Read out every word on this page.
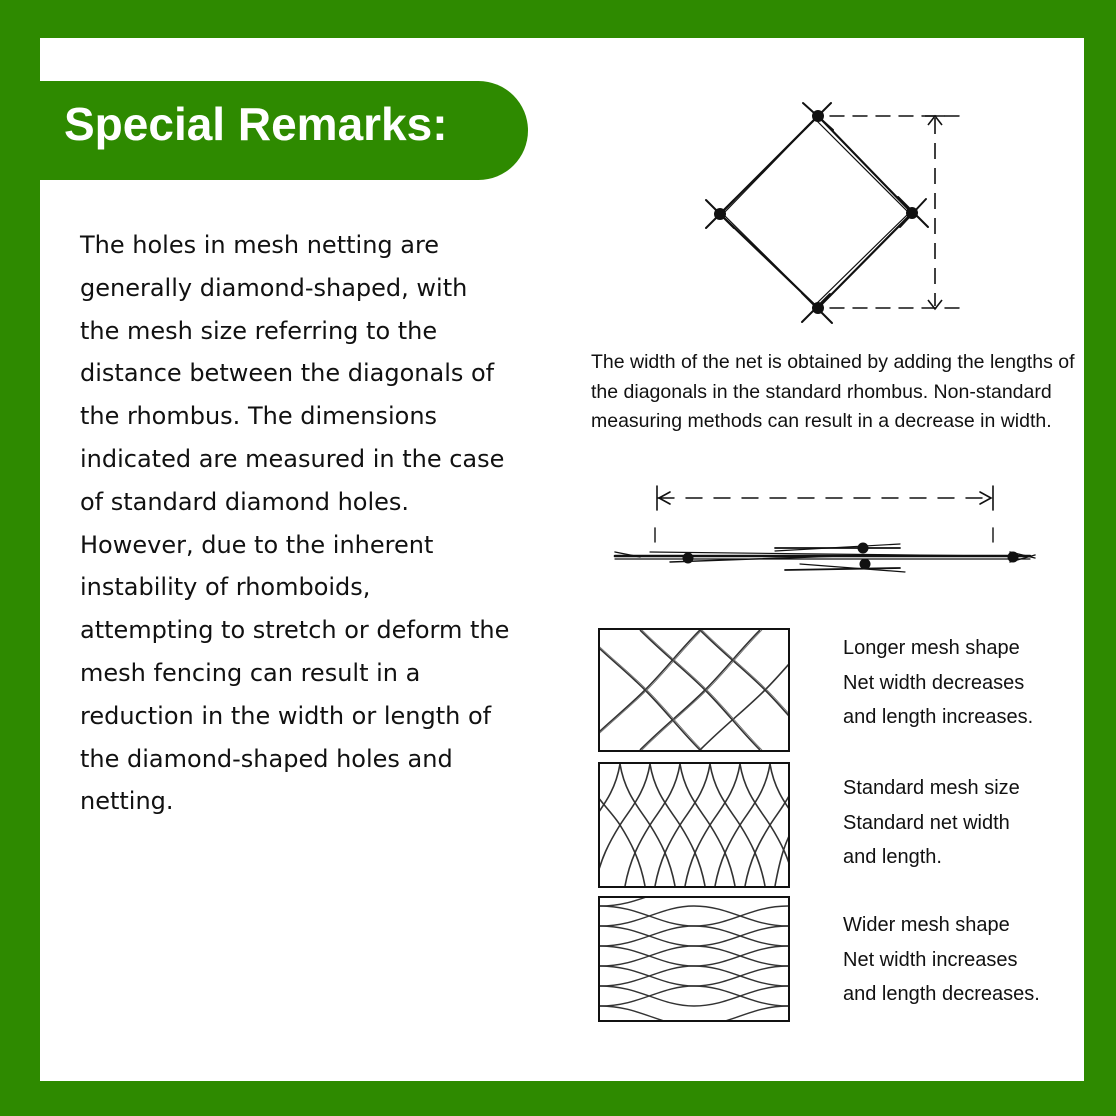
Special Remarks:

The holes in mesh netting are generally diamond-shaped, with the mesh size referring to the distance between the diagonals of the rhombus. The dimensions indicated are measured in the case of standard diamond holes. However, due to the inherent instability of rhomboids, attempting to stretch or deform the mesh fencing can result in a reduction in the width or length of the diamond-shaped holes and netting.

The width of the net is obtained by adding the lengths of the diagonals in the standard rhombus. Non-standard measuring methods can result in a decrease in width.

Longer mesh shape
Net width decreases
and length increases.
Standard mesh size
Standard net width
and length.
Wider mesh shape
Net width increases
and length decreases.
